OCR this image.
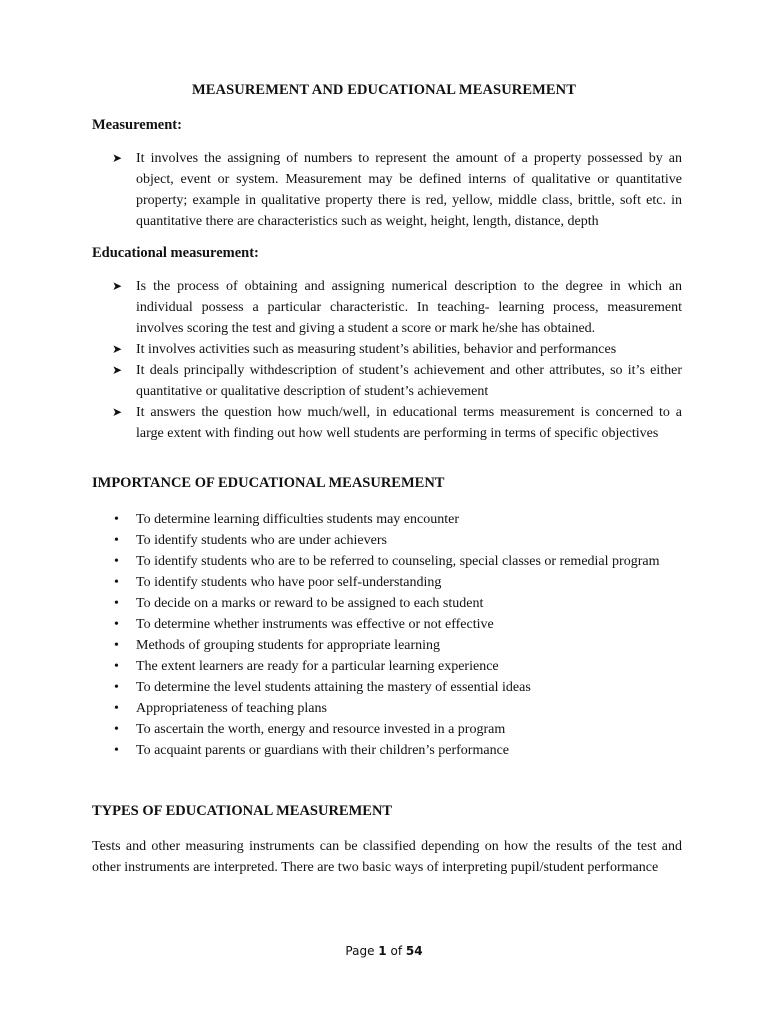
MEASUREMENT AND EDUCATIONAL MEASUREMENT
Measurement:
➤ It involves the assigning of numbers to represent the amount of a property possessed by an object, event or system. Measurement may be defined interns of qualitative or quantitative property; example in qualitative property there is red, yellow, middle class, brittle, soft etc. in quantitative there are characteristics such as weight, height, length, distance, depth
Educational measurement:
➤ Is the process of obtaining and assigning numerical description to the degree in which an individual possess a particular characteristic. In teaching- learning process, measurement involves scoring the test and giving a student a score or mark he/she has obtained.
➤ It involves activities such as measuring student’s abilities, behavior and performances
➤ It deals principally withdescription of student’s achievement and other attributes, so it’s either quantitative or qualitative description of student’s achievement
➤ It answers the question how much/well, in educational terms measurement is concerned to a large extent with finding out how well students are performing in terms of specific objectives
IMPORTANCE OF EDUCATIONAL MEASUREMENT
• To determine learning difficulties students may encounter
• To identify students who are under achievers
• To identify students who are to be referred to counseling, special classes or remedial program
• To identify students who have poor self-understanding
• To decide on a marks or reward to be assigned to each student
• To determine whether instruments was effective or not effective
• Methods of grouping students for appropriate learning
• The extent learners are ready for a particular learning experience
• To determine the level students attaining the mastery of essential ideas
• Appropriateness of teaching plans
• To ascertain the worth, energy and resource invested in a program
• To acquaint parents or guardians with their children’s performance
TYPES OF EDUCATIONAL MEASUREMENT
Tests and other measuring instruments can be classified depending on how the results of the test and other instruments are interpreted. There are two basic ways of interpreting pupil/student performance
Page 1 of 54
